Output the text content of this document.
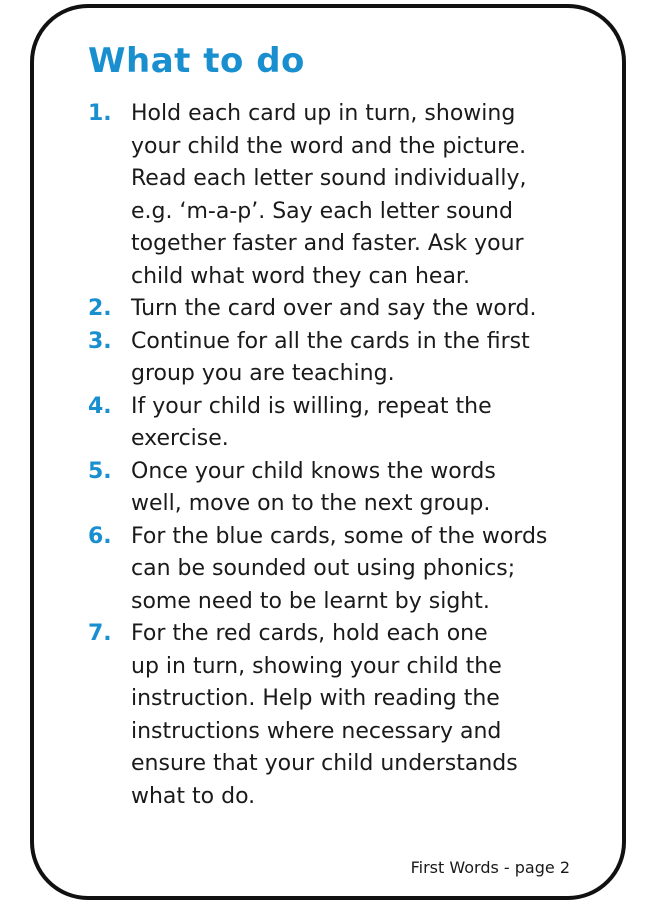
What to do
1. Hold each card up in turn, showing
your child the word and the picture.
Read each letter sound individually,
e.g. ‘m-a-p’. Say each letter sound
together faster and faster. Ask your
child what word they can hear.
2. Turn the card over and say the word.
3. Continue for all the cards in the first
group you are teaching.
4. If your child is willing, repeat the
exercise.
5. Once your child knows the words
well, move on to the next group.
6. For the blue cards, some of the words
can be sounded out using phonics;
some need to be learnt by sight.
7. For the red cards, hold each one
up in turn, showing your child the
instruction. Help with reading the
instructions where necessary and
ensure that your child understands
what to do.
First Words - page 2
